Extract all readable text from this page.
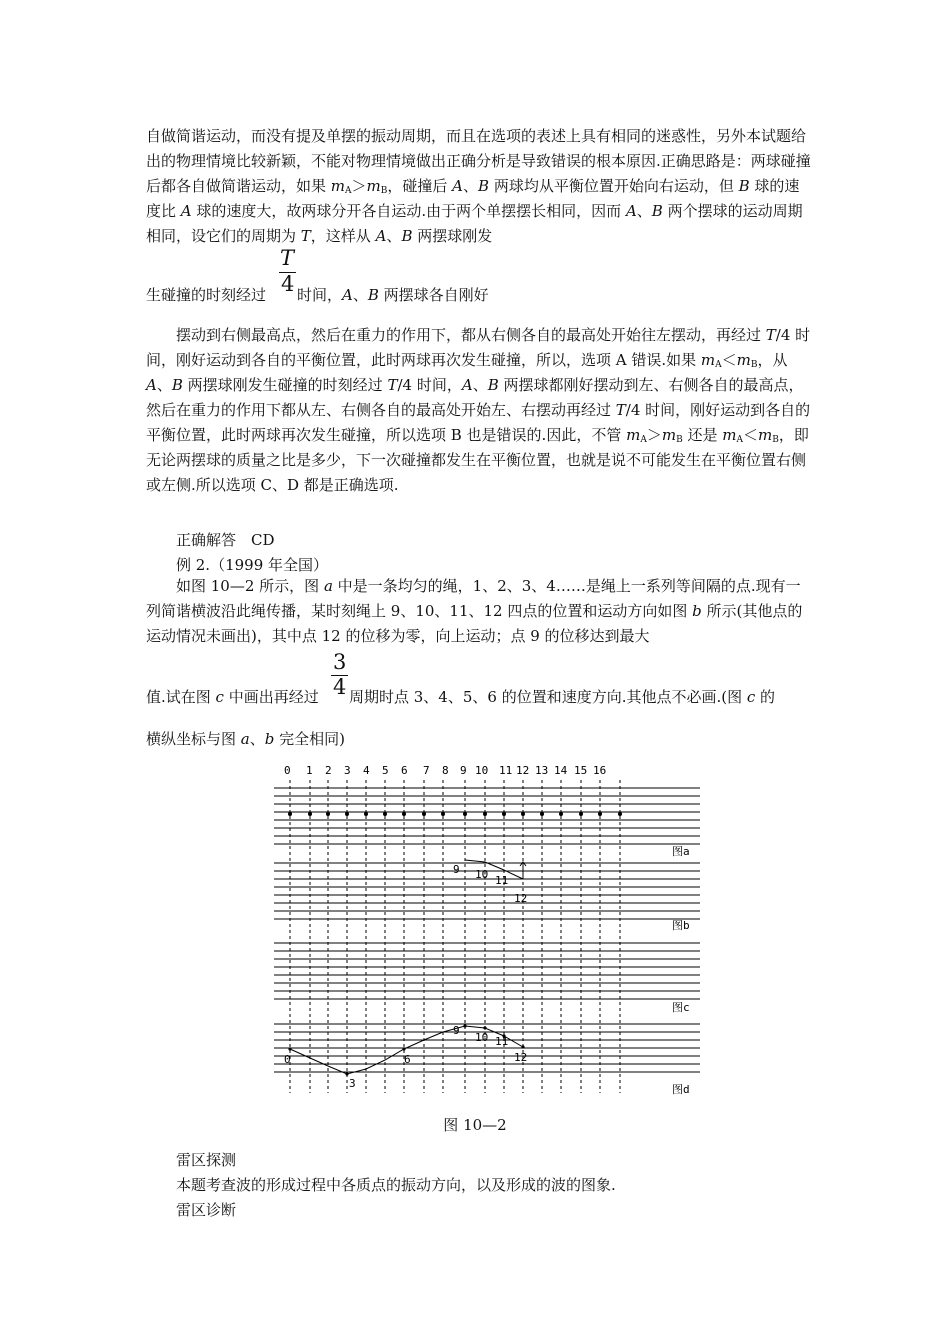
自做简谐运动，而没有提及单摆的振动周期，而且在选项的表述上具有相同的迷惑性，另外本试题给出的物理情境比较新颖，不能对物理情境做出正确分析是导致错误的根本原因.正确思路是：两球碰撞后都各自做简谐运动，如果 $m_A>m_B$，碰撞后 A、B 两球均从平衡位置开始向右运动，但 B 球的速度比 A 球的速度大，故两球分开各自运动.由于两个单摆摆长相同，因而 A、B 两个摆球的运动周期相同，设它们的周期为 T，这样从 A、B 两摆球刚发

T
4
生碰撞的时刻经过 时间，A、B 两摆球各自刚好

摆动到右侧最高点，然后在重力的作用下，都从右侧各自的最高处开始往左摆动，再经过 T/4 时间，刚好运动到各自的平衡位置，此时两球再次发生碰撞，所以，选项 A 错误.如果 $m_A<m_B$，从 A、B 两摆球刚发生碰撞的时刻经过 T/4 时间，A、B 两摆球都刚好摆动到左、右侧各自的最高点，然后在重力的作用下都从左、右侧各自的最高处开始左、右摆动再经过 T/4 时间，刚好运动到各自的平衡位置，此时两球再次发生碰撞，所以选项 B 也是错误的.因此，不管 $m_A>m_B$ 还是 $m_A<m_B$，即无论两摆球的质量之比是多少，下一次碰撞都发生在平衡位置，也就是说不可能发生在平衡位置右侧或左侧.所以选项 C、D 都是正确选项.

正确解答　CD
例 2.（1999 年全国）

如图 10—2 所示，图 a 中是一条均匀的绳，1、2、3、4……是绳上一系列等间隔的点.现有一列简谐横波沿此绳传播，某时刻绳上 9、10、11、12 四点的位置和运动方向如图 b 所示(其他点的运动情况未画出)，其中点 12 的位移为零，向上运动；点 9 的位移达到最大

3
4
值.试在图 c 中画出再经过 周期时点 3、4、5、6 的位置和速度方向.其他点不必画.(图 c 的
横纵坐标与图 a、b 完全相同)
0 1 2 3 4 5 6 7 8 9 10 11 12 13 14 15 16
9 10 11
12
0
3
6
9
10 11
12
图a
图b
图c
图d
图 10—2
雷区探测
本题考查波的形成过程中各质点的振动方向，以及形成的波的图象.
雷区诊断
